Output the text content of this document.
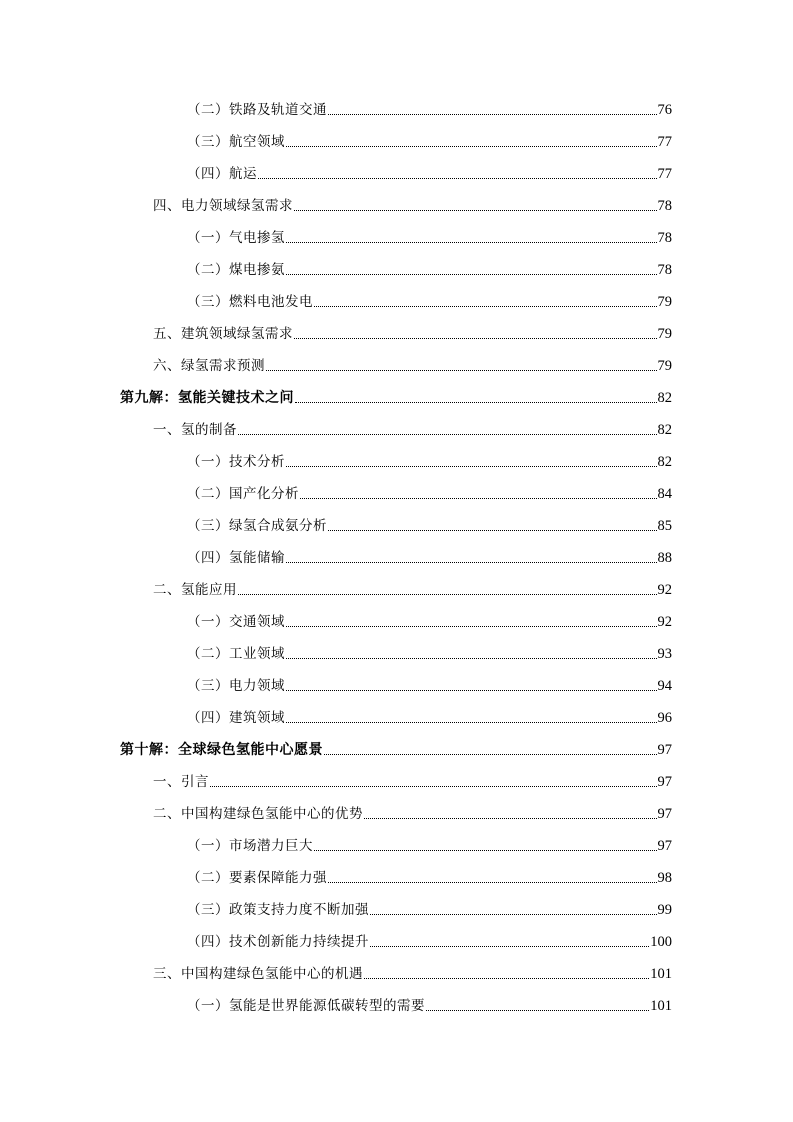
（二）铁路及轨道交通	76
（三）航空领域	77
（四）航运	77
四、电力领域绿氢需求	78
（一）气电掺氢	78
（二）煤电掺氨	78
（三）燃料电池发电	79
五、建筑领域绿氢需求	79
六、绿氢需求预测	79
第九解：氢能关键技术之问	82
一、氢的制备	82
（一）技术分析	82
（二）国产化分析	84
（三）绿氢合成氨分析	85
（四）氢能储输	88
二、氢能应用	92
（一）交通领域	92
（二）工业领域	93
（三）电力领域	94
（四）建筑领域	96
第十解：全球绿色氢能中心愿景	97
一、引言	97
二、中国构建绿色氢能中心的优势	97
（一）市场潜力巨大	97
（二）要素保障能力强	98
（三）政策支持力度不断加强	99
（四）技术创新能力持续提升	100
三、中国构建绿色氢能中心的机遇	101
（一）氢能是世界能源低碳转型的需要	101
